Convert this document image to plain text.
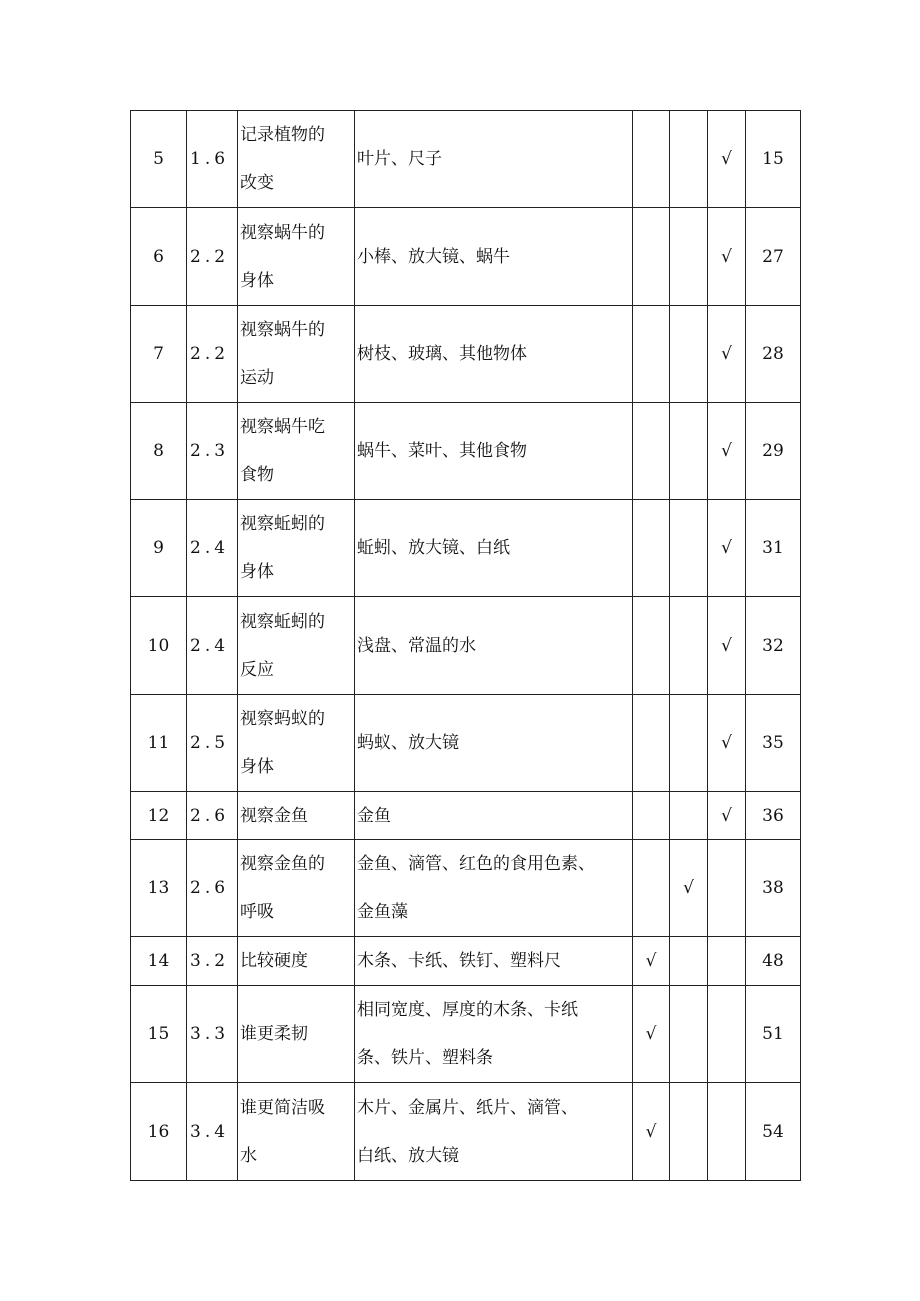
5	1.6	记录植物的
改变	叶片、尺子			√	15
6	2.2	视察蜗牛的
身体	小棒、放大镜、蜗牛			√	27
7	2.2	视察蜗牛的
运动	树枝、玻璃、其他物体			√	28
8	2.3	视察蜗牛吃
食物	蜗牛、菜叶、其他食物			√	29
9	2.4	视察蚯蚓的
身体	蚯蚓、放大镜、白纸			√	31
10	2.4	视察蚯蚓的
反应	浅盘、常温的水			√	32
11	2.5	视察蚂蚁的
身体	蚂蚁、放大镜			√	35
12	2.6	视察金鱼	金鱼			√	36
13	2.6	视察金鱼的
呼吸	金鱼、滴管、红色的食用色素、
金鱼藻		√		38
14	3.2	比较硬度	木条、卡纸、铁钉、塑料尺	√			48
15	3.3	谁更柔韧	相同宽度、厚度的木条、卡纸
条、铁片、塑料条	√			51
16	3.4	谁更简洁吸
水	木片、金属片、纸片、滴管、
白纸、放大镜	√			54
